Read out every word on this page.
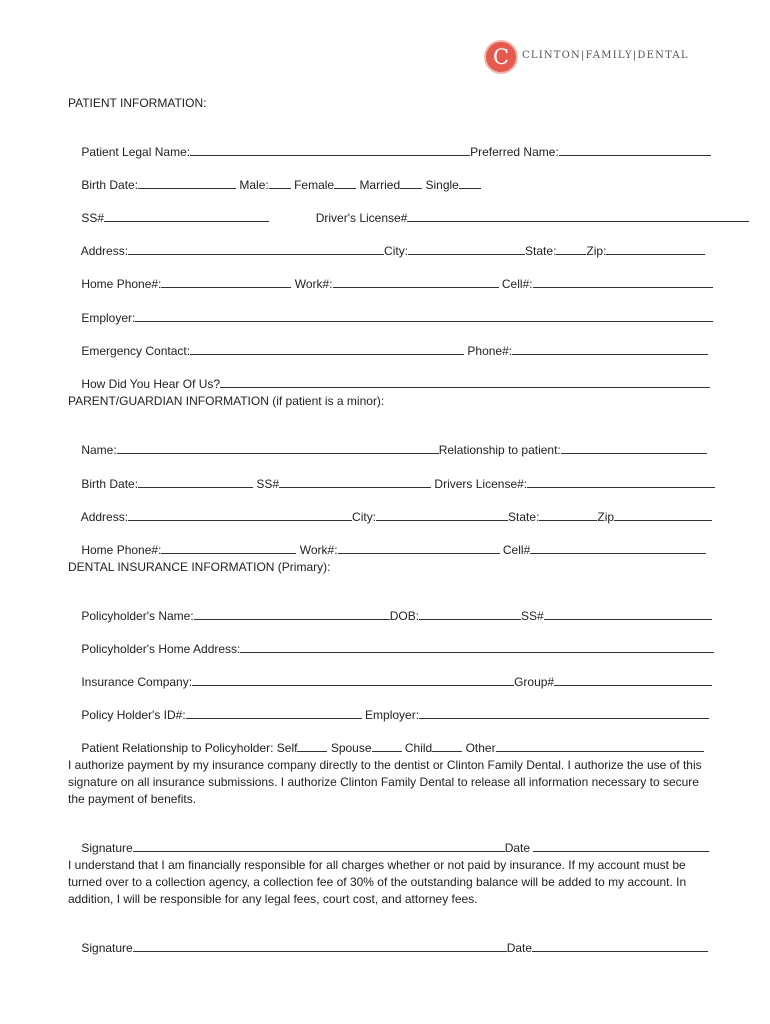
C	CLINTON|FAMILY|DENTAL
PATIENT INFORMATION:

Patient Legal Name:	Preferred Name:

Birth Date:	Male: Female Married Single

SS#	Driver's License#

Address:	City:	State:	Zip:

Home Phone#:	Work#:	Cell#:

Employer:

Emergency Contact:	Phone#:

How Did You Hear Of Us?

PARENT/GUARDIAN INFORMATION (if patient is a minor):

Name:	Relationship to patient:

Birth Date:	SS#	Drivers License#:

Address:	City:	State:	Zip

Home Phone#:	Work#:	Cell#

DENTAL INSURANCE INFORMATION (Primary):

Policyholder's Name:	DOB:	SS#

Policyholder's Home Address:

Insurance Company:	Group#

Policy Holder's ID#:	Employer:

Patient Relationship to Policyholder: Self	Spouse	Child	Other

I authorize payment by my insurance company directly to the dentist or Clinton Family Dental. I authorize the use of this signature on all insurance submissions. I authorize Clinton Family Dental to release all information necessary to secure the payment of benefits.

Signature	Date

I understand that I am financially responsible for all charges whether or not paid by insurance. If my account must be turned over to a collection agency, a collection fee of 30% of the outstanding balance will be added to my account. In addition, I will be responsible for any legal fees, court cost, and attorney fees.

Signature	Date
